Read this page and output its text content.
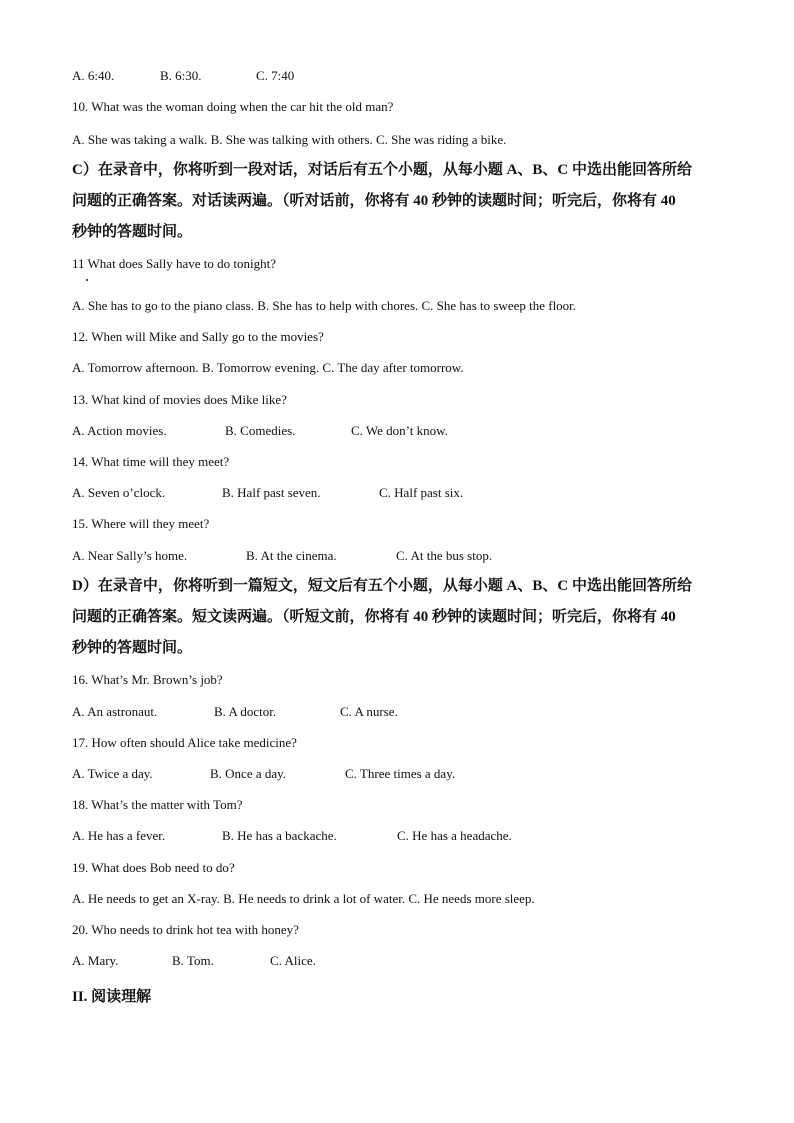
A. 6:40.	B. 6:30.	C. 7:40
10. What was the woman doing when the car hit the old man?
A. She was taking a walk. B. She was talking with others. C. She was riding a bike.
C）在录音中，你将听到一段对话，对话后有五个小题，从每小题 A、B、C 中选出能回答所给
问题的正确答案。对话读两遍。（听对话前，你将有 40 秒钟的读题时间；听完后，你将有 40
秒钟的答题时间。
11 What does Sally have to do tonight?
A. She has to go to the piano class. B. She has to help with chores. C. She has to sweep the floor.
12. When will Mike and Sally go to the movies?
A. Tomorrow afternoon. B. Tomorrow evening. C. The day after tomorrow.
13. What kind of movies does Mike like?
A. Action movies.	B. Comedies.	C. We don’t know.
14. What time will they meet?
A. Seven o’clock.	B. Half past seven.	C. Half past six.
15. Where will they meet?
A. Near Sally’s home.	B. At the cinema.	C. At the bus stop.
D）在录音中，你将听到一篇短文，短文后有五个小题，从每小题 A、B、C 中选出能回答所给
问题的正确答案。短文读两遍。（听短文前，你将有 40 秒钟的读题时间；听完后，你将有 40
秒钟的答题时间。
16. What’s Mr. Brown’s job?
A. An astronaut.	B. A doctor.	C. A nurse.
17. How often should Alice take medicine?
A. Twice a day.	B. Once a day.	C. Three times a day.
18. What’s the matter with Tom?
A. He has a fever.	B. He has a backache.	C. He has a headache.
19. What does Bob need to do?
A. He needs to get an X-ray. B. He needs to drink a lot of water. C. He needs more sleep.
20. Who needs to drink hot tea with honey?
A. Mary.	B. Tom.	C. Alice.
II. 阅读理解
